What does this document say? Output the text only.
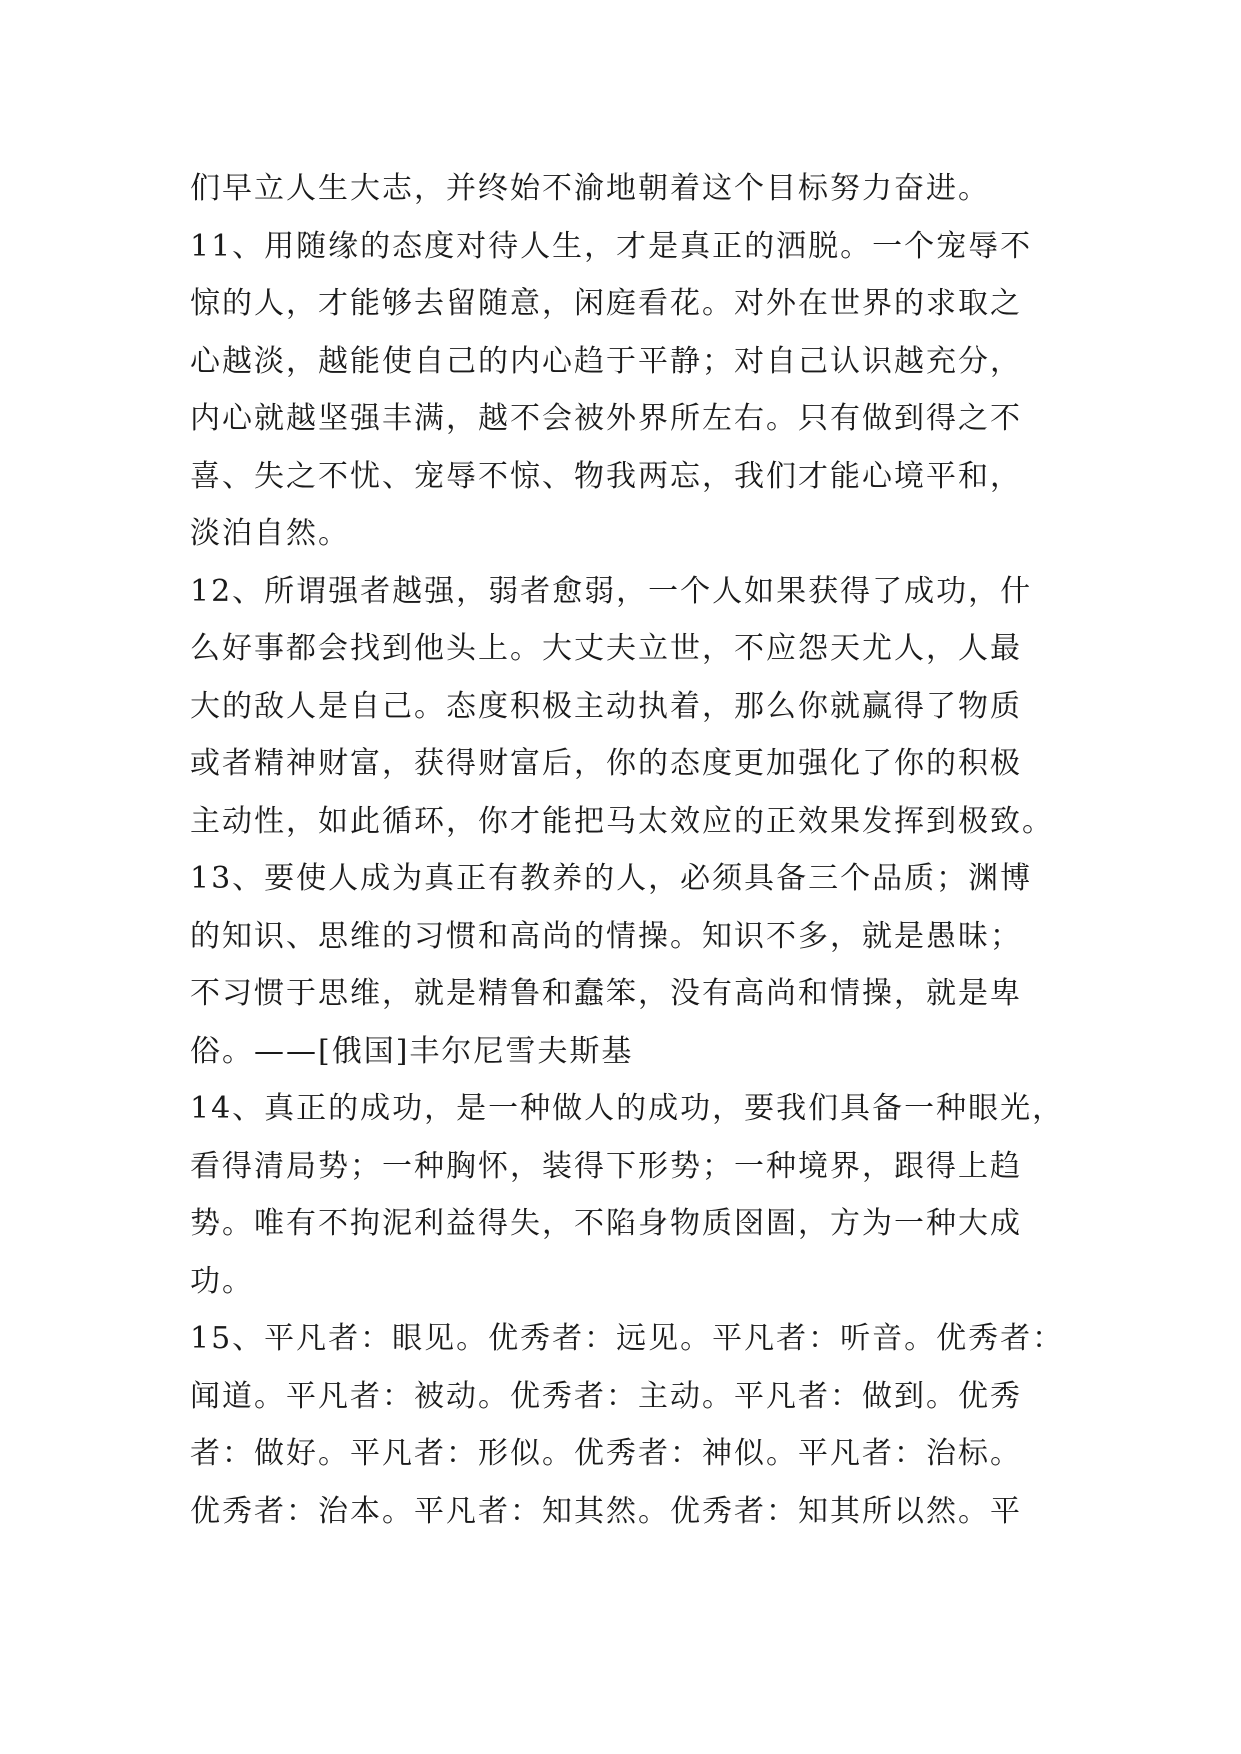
们早立人生大志，并终始不渝地朝着这个目标努力奋进。
11、用随缘的态度对待人生，才是真正的洒脱。一个宠辱不
惊的人，才能够去留随意，闲庭看花。对外在世界的求取之
心越淡，越能使自己的内心趋于平静；对自己认识越充分，
内心就越坚强丰满，越不会被外界所左右。只有做到得之不
喜、失之不忧、宠辱不惊、物我两忘，我们才能心境平和，
淡泊自然。
12、所谓强者越强，弱者愈弱，一个人如果获得了成功，什
么好事都会找到他头上。大丈夫立世，不应怨天尤人，人最
大的敌人是自己。态度积极主动执着，那么你就赢得了物质
或者精神财富，获得财富后，你的态度更加强化了你的积极
主动性，如此循环，你才能把马太效应的正效果发挥到极致。
13、要使人成为真正有教养的人，必须具备三个品质；渊博
的知识、思维的习惯和高尚的情操。知识不多，就是愚昧；
不习惯于思维，就是精鲁和蠢笨，没有高尚和情操，就是卑
俗。——[俄国]丰尔尼雪夫斯基
14、真正的成功，是一种做人的成功，要我们具备一种眼光，
看得清局势；一种胸怀，装得下形势；一种境界，跟得上趋
势。唯有不拘泥利益得失，不陷身物质囹圄，方为一种大成
功。
15、平凡者：眼见。优秀者：远见。平凡者：听音。优秀者：
闻道。平凡者：被动。优秀者：主动。平凡者：做到。优秀
者：做好。平凡者：形似。优秀者：神似。平凡者：治标。
优秀者：治本。平凡者：知其然。优秀者：知其所以然。平
